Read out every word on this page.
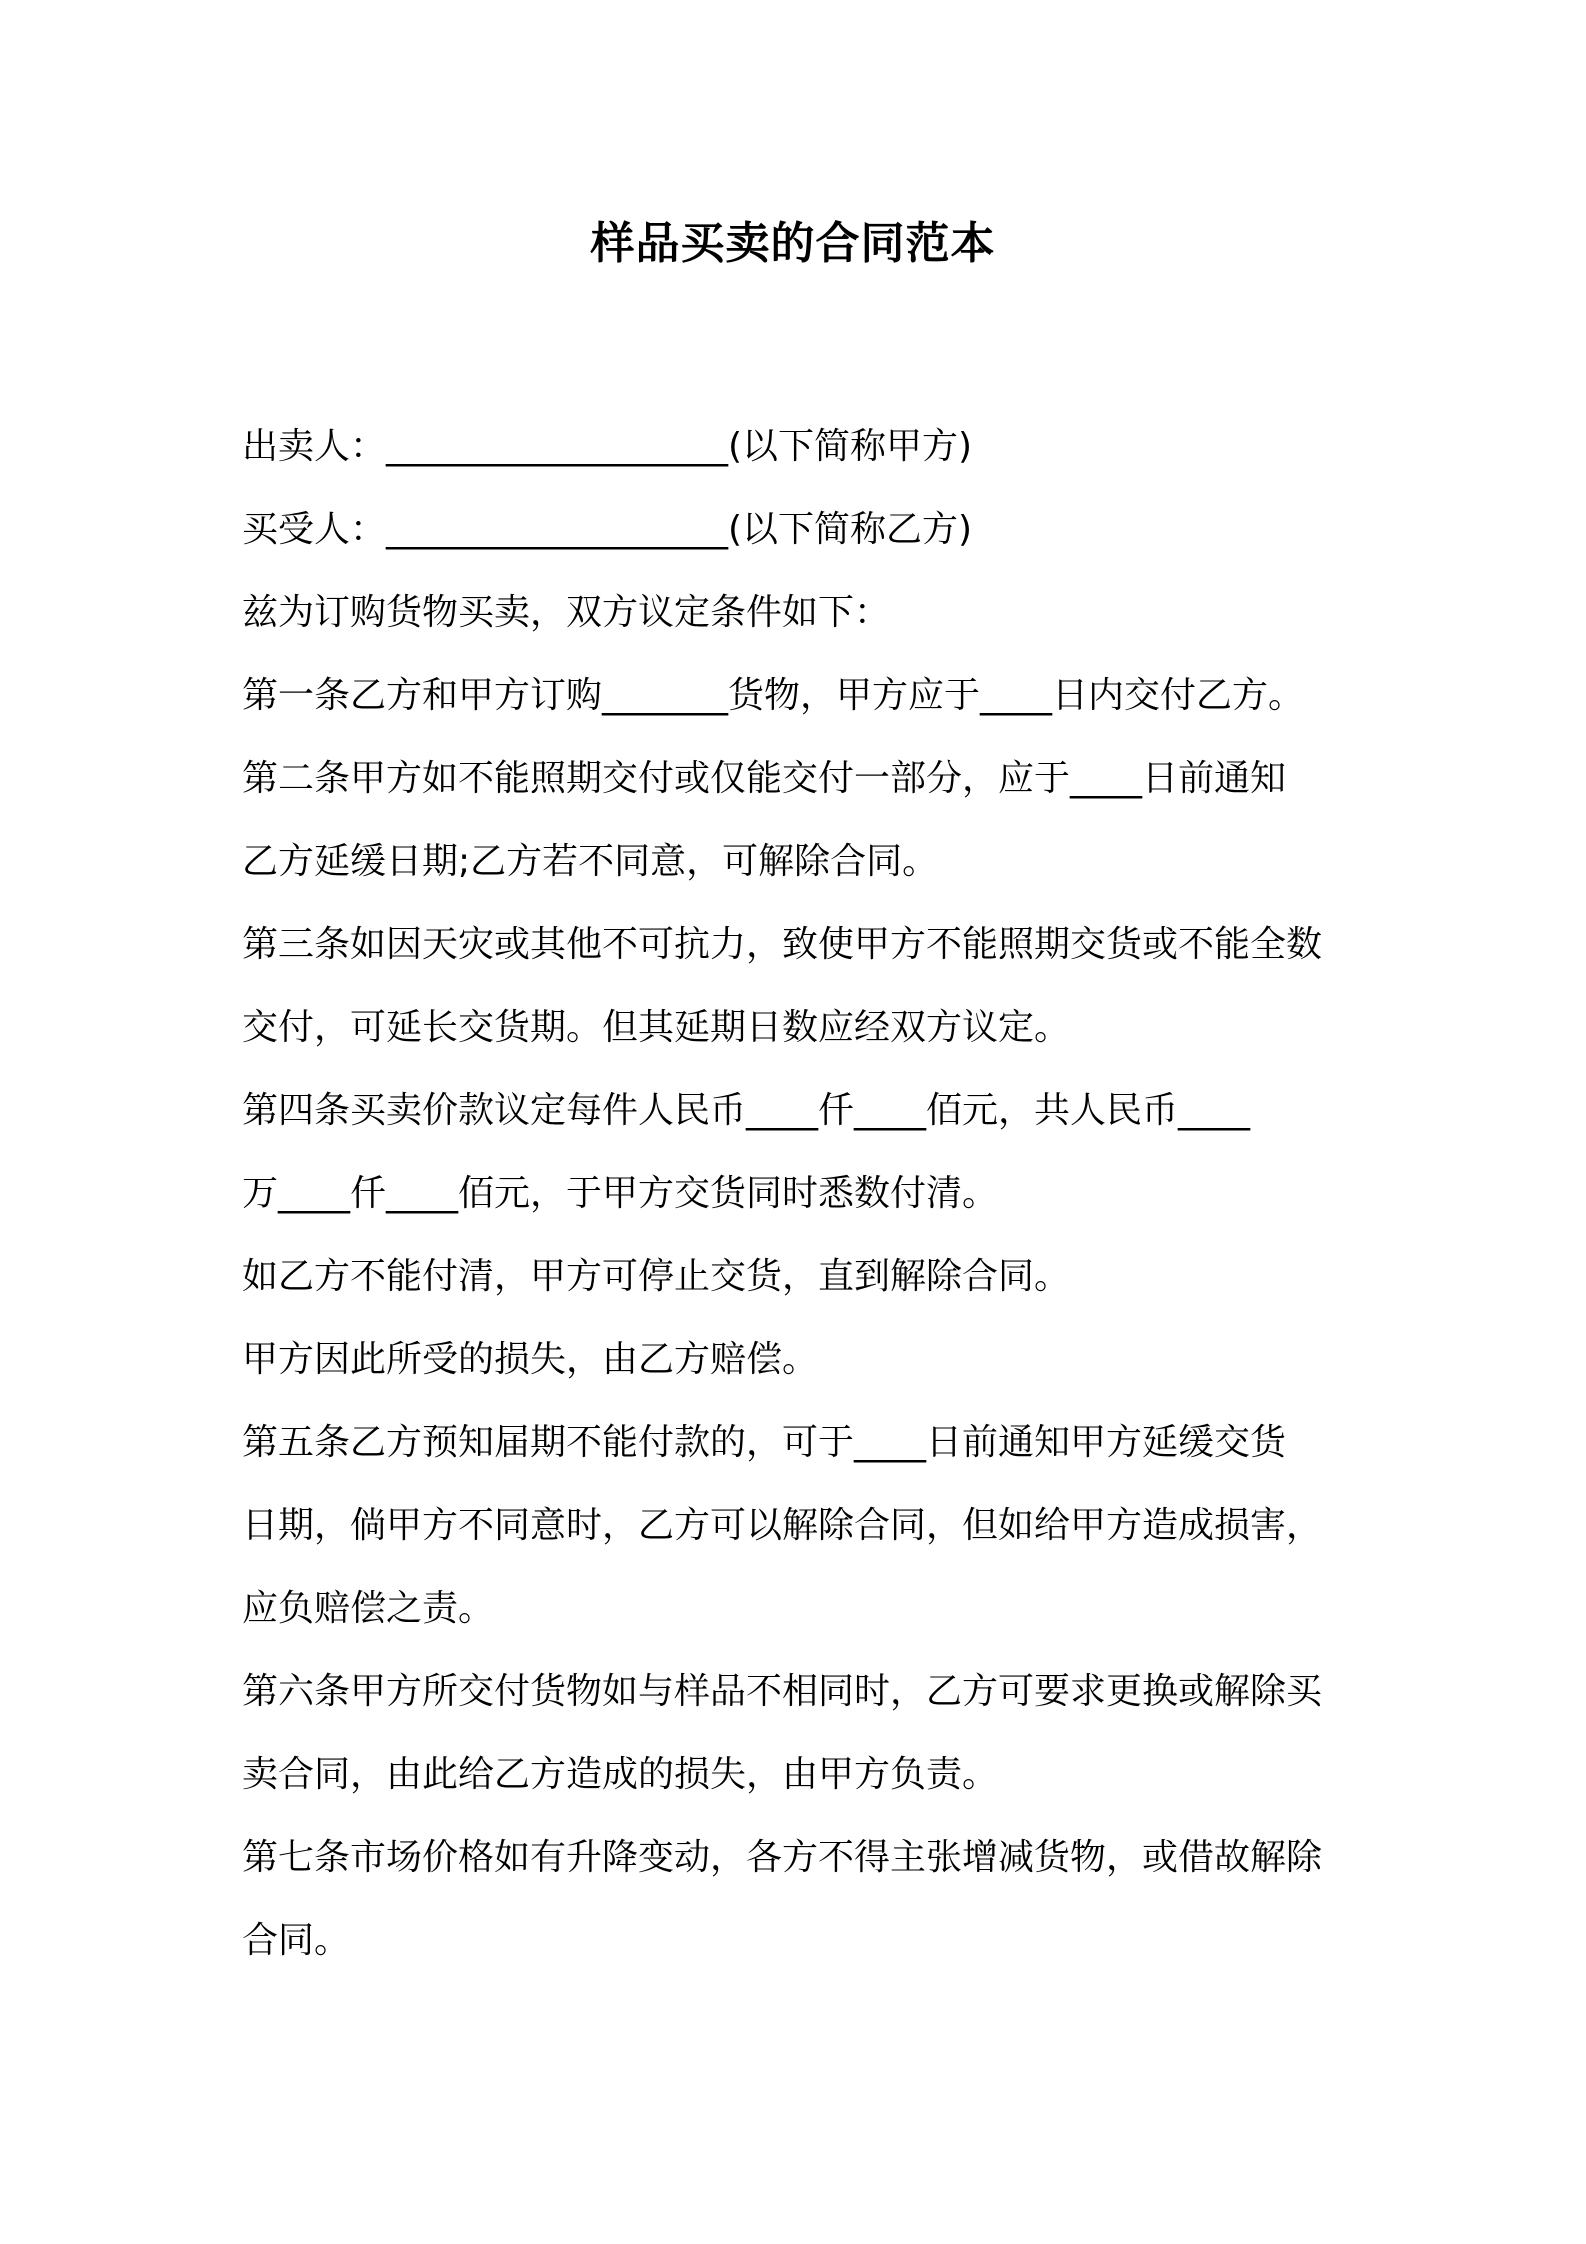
样品买卖的合同范本
出卖人：___________________(以下简称甲方)
买受人：___________________(以下简称乙方)
兹为订购货物买卖，双方议定条件如下：
第一条乙方和甲方订购_______货物，甲方应于____日内交付乙方。
第二条甲方如不能照期交付或仅能交付一部分，应于____日前通知
乙方延缓日期;乙方若不同意，可解除合同。
第三条如因天灾或其他不可抗力，致使甲方不能照期交货或不能全数
交付，可延长交货期。但其延期日数应经双方议定。
第四条买卖价款议定每件人民币____仟____佰元，共人民币____
万____仟____佰元，于甲方交货同时悉数付清。
如乙方不能付清，甲方可停止交货，直到解除合同。
甲方因此所受的损失，由乙方赔偿。
第五条乙方预知届期不能付款的，可于____日前通知甲方延缓交货
日期，倘甲方不同意时，乙方可以解除合同，但如给甲方造成损害，
应负赔偿之责。
第六条甲方所交付货物如与样品不相同时，乙方可要求更换或解除买
卖合同，由此给乙方造成的损失，由甲方负责。
第七条市场价格如有升降变动，各方不得主张增减货物，或借故解除
合同。
